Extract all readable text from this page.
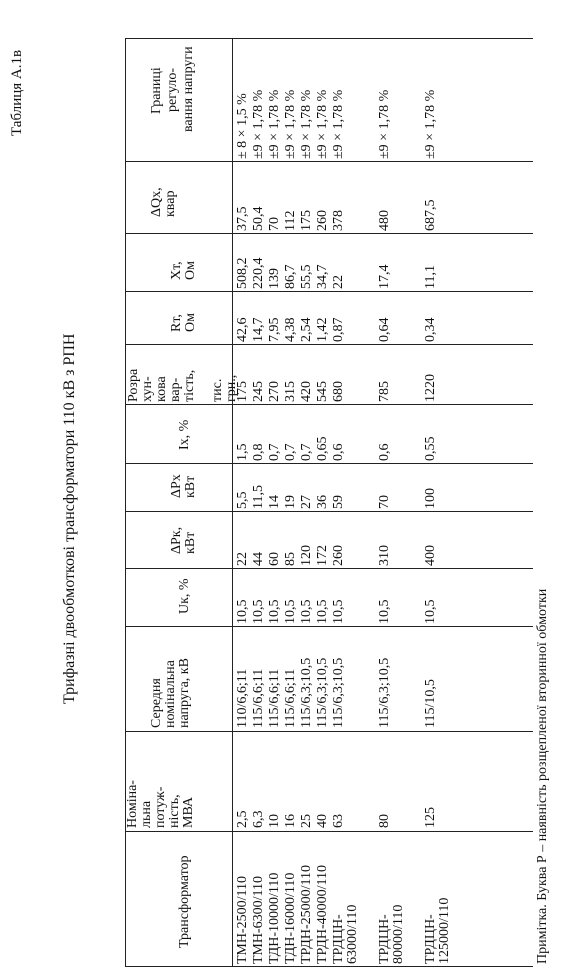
Таблиця А.1в
Трифазні двообмоткові трансформатори 110 кВ з РПН
Трансформатор
Номіна- льна потуж- ність, МВА
Середня номінальна напруга, кВ
Uк, %
ΔPк, кВт
ΔPх кВт
Iх, %
Розра хун- кова вар- тість, тис. грн.,
Rт, Ом
Xт, Ом
ΔQх, квар
Границі регуло- вання напруги
ТМН-2500/110
2,5
110/6,6;11
10,5
22
5,5
1,5
175
42,6
508,2
37,5
± 8 × 1,5 %
ТМН-6300/110
6,3
115/6,6;11
10,5
44
11,5
0,8
245
14,7
220,4
50,4
±9 × 1,78 %
ТДН-10000/110
10
115/6,6;11
10,5
60
14
0,7
270
7,95
139
70
±9 × 1,78 %
ТДН-16000/110
16
115/6,6;11
10,5
85
19
0,7
315
4,38
86,7
112
±9 × 1,78 %
ТРДН-25000/110
25
115/6,3;10,5
10,5
120
27
0,7
420
2,54
55,5
175
±9 × 1,78 %
ТРДН-40000/110
40
115/6,3;10,5
10,5
172
36
0,65
545
1,42
34,7
260
±9 × 1,78 %
ТРДЦН- 63000/110
63
115/6,3;10,5
10,5
260
59
0,6
680
0,87
22
378
±9 × 1,78 %
ТРДЦН- 80000/110
80
115/6,3;10,5
10,5
310
70
0,6
785
0,64
17,4
480
±9 × 1,78 %
ТРДЦН- 125000/110
125
115/10,5
10,5
400
100
0,55
1220
0,34
11,1
687,5
±9 × 1,78 %
Примітка. Буква Р – наявність розщепленої вторинної обмотки
